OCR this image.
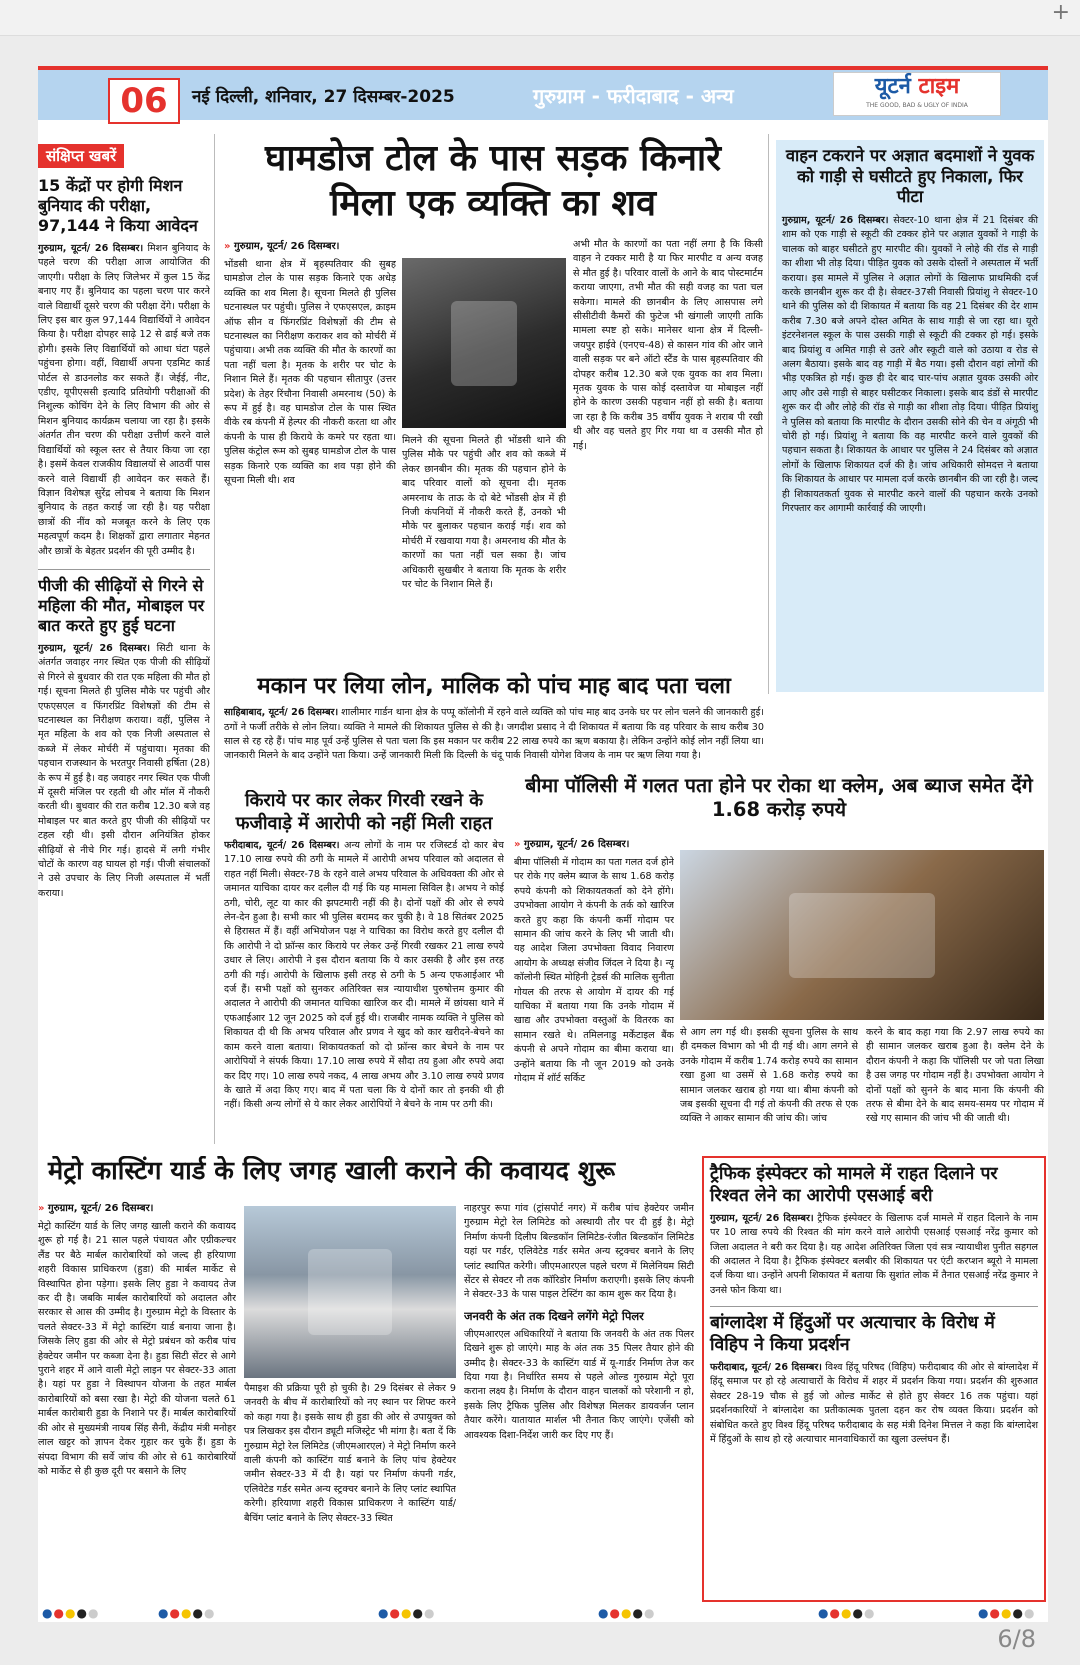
+
06	नई दिल्ली, शनिवार, 27 दिसम्बर-2025	गुरुग्राम - फरीदाबाद - अन्य	यूटर्न टाइम
THE GOOD, BAD & UGLY OF INDIA
संक्षिप्त खबरें
15 केंद्रों पर होगी मिशन बुनियाद की परीक्षा, 97,144 ने किया आवेदन

गुरुग्राम, यूटर्न/ 26 दिसम्बर। मिशन बुनियाद के पहले चरण की परीक्षा आज आयोजित की जाएगी। परीक्षा के लिए जिलेभर में कुल 15 केंद्र बनाए गए हैं। बुनियाद का पहला चरण पार करने वाले विद्यार्थी दूसरे चरण की परीक्षा देंगे। परीक्षा के लिए इस बार कुल 97,144 विद्यार्थियों ने आवेदन किया है। परीक्षा दोपहर साढ़े 12 से ढाई बजे तक होगी। इसके लिए विद्यार्थियों को आधा घंटा पहले पहुंचना होगा। वहीं, विद्यार्थी अपना एडमिट कार्ड पोर्टल से डाउनलोड कर सकते हैं। जेईई, नीट, एडीए, यूपीएससी इत्यादि प्रतियोगी परीक्षाओं की निशुल्क कोचिंग देने के लिए विभाग की ओर से मिशन बुनियाद कार्यक्रम चलाया जा रहा है। इसके अंतर्गत तीन चरण की परीक्षा उत्तीर्ण करने वाले विद्यार्थियों को स्कूल स्तर से तैयार किया जा रहा है। इसमें केवल राजकीय विद्यालयों से आठवीं पास करने वाले विद्यार्थी ही आवेदन कर सकते हैं। विज्ञान विशेषज्ञ सुरेंद्र लोचब ने बताया कि मिशन बुनियाद के तहत कराई जा रही है। यह परीक्षा छात्रों की नींव को मजबूत करने के लिए एक महत्वपूर्ण कदम है। शिक्षकों द्वारा लगातार मेहनत और छात्रों के बेहतर प्रदर्शन की पूरी उम्मीद है।

पीजी की सीढ़ियों से गिरने से महिला की मौत, मोबाइल पर बात करते हुए हुई घटना

गुरुग्राम, यूटर्न/ 26 दिसम्बर। सिटी थाना के अंतर्गत जवाहर नगर स्थित एक पीजी की सीढ़ियों से गिरने से बुधवार की रात एक महिला की मौत हो गई। सूचना मिलते ही पुलिस मौके पर पहुंची और एफएसएल व फिंगरप्रिंट विशेषज्ञों की टीम से घटनास्थल का निरीक्षण कराया। वहीं, पुलिस ने मृत महिला के शव को एक निजी अस्पताल से कब्जे में लेकर मोर्चरी में पहुंचाया। मृतका की पहचान राजस्थान के भरतपुर निवासी हर्षिता (28) के रूप में हुई है। वह जवाहर नगर स्थित एक पीजी में दूसरी मंजिल पर रहती थी और मॉल में नौकरी करती थी। बुधवार की रात करीब 12.30 बजे वह मोबाइल पर बात करते हुए पीजी की सीढ़ियों पर टहल रही थी। इसी दौरान अनियंत्रित होकर सीढ़ियों से नीचे गिर गई। हादसे में लगी गंभीर चोटों के कारण वह घायल हो गई। पीजी संचालकों ने उसे उपचार के लिए निजी अस्पताल में भर्ती कराया।

घामडोज टोल के पास सड़क किनारे मिला एक व्यक्ति का शव
» गुरुग्राम, यूटर्न/ 26 दिसम्बर।

भोंडसी थाना क्षेत्र में बृहस्पतिवार की सुबह घामडोज टोल के पास सड़क किनारे एक अधेड़ व्यक्ति का शव मिला है। सूचना मिलते ही पुलिस घटनास्थल पर पहुंची। पुलिस ने एफएसएल, क्राइम ऑफ सीन व फिंगरप्रिंट विशेषज्ञों की टीम से घटनास्थल का निरीक्षण कराकर शव को मोर्चरी में पहुंचाया। अभी तक व्यक्ति की मौत के कारणों का पता नहीं चला है। मृतक के शरीर पर चोट के निशान मिले हैं। मृतक की पहचान सीतापुर (उत्तर प्रदेश) के तेहर रिंचौना निवासी अमरनाथ (50) के रूप में हुई है। वह घामडोज टोल के पास स्थित वीके रब कंपनी में हेल्पर की नौकरी करता था और कंपनी के पास ही किराये के कमरे पर रहता था। पुलिस कंट्रोल रूम को सुबह घामडोज टोल के पास सड़क किनारे एक व्यक्ति का शव पड़ा होने की सूचना मिली थी। शव

मिलने की सूचना मिलते ही भोंडसी थाने की पुलिस मौके पर पहुंची और शव को कब्जे में लेकर छानबीन की। मृतक की पहचान होने के बाद परिवार वालों को सूचना दी। मृतक अमरनाथ के ताऊ के दो बेटे भोंडसी क्षेत्र में ही निजी कंपनियों में नौकरी करते हैं, उनको भी मौके पर बुलाकर पहचान कराई गई। शव को मोर्चरी में रखवाया गया है। अमरनाथ की मौत के कारणों का पता नहीं चल सका है। जांच अधिकारी सुखबीर ने बताया कि मृतक के शरीर पर चोट के निशान मिले हैं।

अभी मौत के कारणों का पता नहीं लगा है कि किसी वाहन ने टक्कर मारी है या फिर मारपीट व अन्य वजह से मौत हुई है। परिवार वालों के आने के बाद पोस्टमार्टम कराया जाएगा, तभी मौत की सही वजह का पता चल सकेगा। मामले की छानबीन के लिए आसपास लगे सीसीटीवी कैमरों की फुटेज भी खंगाली जाएगी ताकि मामला स्पष्ट हो सके। मानेसर थाना क्षेत्र में दिल्ली-जयपुर हाईवे (एनएच-48) से कासन गांव की ओर जाने वाली सड़क पर बने ऑटो स्टैंड के पास बृहस्पतिवार की दोपहर करीब 12.30 बजे एक युवक का शव मिला। मृतक युवक के पास कोई दस्तावेज या मोबाइल नहीं होने के कारण उसकी पहचान नहीं हो सकी है। बताया जा रहा है कि करीब 35 वर्षीय युवक ने शराब पी रखी थी और वह चलते हुए गिर गया था व उसकी मौत हो गई।

वाहन टकराने पर अज्ञात बदमाशों ने युवक को गाड़ी से घसीटते हुए निकाला, फिर पीटा

गुरुग्राम, यूटर्न/ 26 दिसम्बर। सेक्टर-10 थाना क्षेत्र में 21 दिसंबर की शाम को एक गाड़ी से स्कूटी की टक्कर होने पर अज्ञात युवकों ने गाड़ी के चालक को बाहर घसीटते हुए मारपीट की। युवकों ने लोहे की रॉड से गाड़ी का शीशा भी तोड़ दिया। पीड़ित युवक को उसके दोस्तों ने अस्पताल में भर्ती कराया। इस मामले में पुलिस ने अज्ञात लोगों के खिलाफ प्राथमिकी दर्ज करके छानबीन शुरू कर दी है। सेक्टर-37सी निवासी प्रियांशु ने सेक्टर-10 थाने की पुलिस को दी शिकायत में बताया कि वह 21 दिसंबर की देर शाम करीब 7.30 बजे अपने दोस्त अमित के साथ गाड़ी से जा रहा था। यूरो इंटरनेशनल स्कूल के पास उसकी गाड़ी से स्कूटी की टक्कर हो गई। इसके बाद प्रियांशु व अमित गाड़ी से उतरे और स्कूटी वाले को उठाया व रोड से अलग बैठाया। इसके बाद वह गाड़ी में बैठ गया। इसी दौरान वहां लोगों की भीड़ एकत्रित हो गई। कुछ ही देर बाद चार-पांच अज्ञात युवक उसकी ओर आए और उसे गाड़ी से बाहर घसीटकर निकाला। इसके बाद डंडों से मारपीट शुरू कर दी और लोहे की रॉड से गाड़ी का शीशा तोड़ दिया। पीड़ित प्रियांशु ने पुलिस को बताया कि मारपीट के दौरान उसकी सोने की चेन व अंगूठी भी चोरी हो गई। प्रियांशु ने बताया कि वह मारपीट करने वाले युवकों की पहचान सकता है। शिकायत के आधार पर पुलिस ने 24 दिसंबर को अज्ञात लोगों के खिलाफ शिकायत दर्ज की है। जांच अधिकारी सोमदत्त ने बताया कि शिकायत के आधार पर मामला दर्ज करके छानबीन की जा रही है। जल्द ही शिकायतकर्ता युवक से मारपीट करने वालों की पहचान करके उनको गिरफ्तार कर आगामी कार्रवाई की जाएगी।

मकान पर लिया लोन, मालिक को पांच माह बाद पता चला

साहिबाबाद, यूटर्न/ 26 दिसम्बर। शालीमार गार्डन थाना क्षेत्र के पप्पू कॉलोनी में रहने वाले व्यक्ति को पांच माह बाद उनके घर पर लोन चलने की जानकारी हुई। ठगों ने फर्जी तरीके से लोन लिया। व्यक्ति ने मामले की शिकायत पुलिस से की है। जगदीश प्रसाद ने दी शिकायत में बताया कि वह परिवार के साथ करीब 30 साल से रह रहे हैं। पांच माह पूर्व उन्हें पुलिस से पता चला कि इस मकान पर करीब 22 लाख रुपये का ऋण बकाया है। लेकिन उन्होंने कोई लोन नहीं लिया था। जानकारी मिलने के बाद उन्होंने पता किया। उन्हें जानकारी मिली कि दिल्ली के चंदू पार्क निवासी योगेश विजय के नाम पर ऋण लिया गया है।

किराये पर कार लेकर गिरवी रखने के फजीवाड़े में आरोपी को नहीं मिली राहत

फरीदाबाद, यूटर्न/ 26 दिसम्बर। अन्य लोगों के नाम पर रजिस्टर्ड दो कार बेच 17.10 लाख रुपये की ठगी के मामले में आरोपी अभय परिवाल को अदालत से राहत नहीं मिली। सेक्टर-78 के रहने वाले अभय परिवाल के अधिवक्ता की ओर से जमानत याचिका दायर कर दलील दी गई कि यह मामला सिविल है। अभय ने कोई ठगी, चोरी, लूट या कार की झपटमारी नहीं की है। दोनों पक्षों की ओर से रुपये लेन-देन हुआ है। सभी कार भी पुलिस बरामद कर चुकी है। वे 18 सितंबर 2025 से हिरासत में हैं। वहीं अभियोजन पक्ष ने याचिका का विरोध करते हुए दलील दी कि आरोपी ने दो फ्रॉन्स कार किराये पर लेकर उन्हें गिरवी रखकर 21 लाख रुपये उधार ले लिए। आरोपी ने इस दौरान बताया कि ये कार उसकी है और इस तरह ठगी की गई। आरोपी के खिलाफ इसी तरह से ठगी के 5 अन्य एफआईआर भी दर्ज हैं। सभी पक्षों को सुनकर अतिरिक्त सत्र न्यायाधीश पुरुषोत्तम कुमार की अदालत ने आरोपी की जमानत याचिका खारिज कर दी। मामले में छांयसा थाने में एफआईआर 12 जून 2025 को दर्ज हुई थी। राजबीर नामक व्यक्ति ने पुलिस को शिकायत दी थी कि अभय परिवाल और प्रणव ने खुद को कार खरीदने-बेचने का काम करने वाला बताया। शिकायतकर्ता को दो फ्रॉन्स कार बेचने के नाम पर आरोपियों ने संपर्क किया। 17.10 लाख रुपये में सौदा तय हुआ और रुपये अदा कर दिए गए। 10 लाख रुपये नकद, 4 लाख अभय और 3.10 लाख रुपये प्रणव के खाते में अदा किए गए। बाद में पता चला कि ये दोनों कार तो इनकी थी ही नहीं। किसी अन्य लोगों से ये कार लेकर आरोपियों ने बेचने के नाम पर ठगी की।

बीमा पॉलिसी में गलत पता होने पर रोका था क्लेम, अब ब्याज समेत देंगे 1.68 करोड़ रुपये
» गुरुग्राम, यूटर्न/ 26 दिसम्बर।

बीमा पॉलिसी में गोदाम का पता गलत दर्ज होने पर रोके गए क्लेम ब्याज के साथ 1.68 करोड़ रुपये कंपनी को शिकायतकर्ता को देने होंगे। उपभोक्ता आयोग ने कंपनी के तर्क को खारिज करते हुए कहा कि कंपनी कर्मी गोदाम पर सामान की जांच करने के लिए भी जाती थी। यह आदेश जिला उपभोक्ता विवाद निवारण आयोग के अध्यक्ष संजीव जिंदल ने दिया है। न्यू कॉलोनी स्थित मोहिनी ट्रेडर्स की मालिक सुनीता गोयल की तरफ से आयोग में दायर की गई याचिका में बताया गया कि उनके गोदाम में खाद्य और उपभोक्ता वस्तुओं के वितरक का सामान रखते थे। तमिलनाडु मर्केंटाइल बैंक कंपनी से अपने गोदाम का बीमा कराया था। उन्होंने बताया कि नौ जून 2019 को उनके गोदाम में शॉर्ट सर्किट

से आग लग गई थी। इसकी सूचना पुलिस के साथ ही दमकल विभाग को भी दी गई थी। आग लगने से उनके गोदाम में करीब 1.74 करोड़ रुपये का सामान रखा हुआ था उसमें से 1.68 करोड़ रुपये का सामान जलकर खराब हो गया था। बीमा कंपनी को जब इसकी सूचना दी गई तो कंपनी की तरफ से एक व्यक्ति ने आकर सामान की जांच की। जांच

करने के बाद कहा गया कि 2.97 लाख रुपये का ही सामान जलकर खराब हुआ है। क्लेम देने के दौरान कंपनी ने कहा कि पॉलिसी पर जो पता लिखा है उस जगह पर गोदाम नहीं है। उपभोक्ता आयोग ने दोनों पक्षों को सुनने के बाद माना कि कंपनी की तरफ से बीमा देने के बाद समय-समय पर गोदाम में रखे गए सामान की जांच भी की जाती थी।

मेट्रो कास्टिंग यार्ड के लिए जगह खाली कराने की कवायद शुरू
» गुरुग्राम, यूटर्न/ 26 दिसम्बर।

मेट्रो कास्टिंग यार्ड के लिए जगह खाली कराने की कवायद शुरू हो गई है। 21 साल पहले पंचायत और एग्रीकल्चर लैंड पर बैठे मार्बल कारोबारियों को जल्द ही हरियाणा शहरी विकास प्राधिकरण (हुडा) की मार्बल मार्केट से विस्थापित होना पड़ेगा। इसके लिए हुडा ने कवायद तेज कर दी है। जबकि मार्बल कारोबारियों को अदालत और सरकार से आस की उम्मीद है। गुरुग्राम मेट्रो के विस्तार के चलते सेक्टर-33 में मेट्रो कास्टिंग यार्ड बनाया जाना है। जिसके लिए हुडा की ओर से मेट्रो प्रबंधन को करीब पांच हेक्टेयर जमीन पर कब्जा देना है। हुडा सिटी सेंटर से आगे पुराने शहर में आने वाली मेट्रो लाइन पर सेक्टर-33 आता है। यहां पर हुडा ने विस्थापन योजना के तहत मार्बल कारोबारियों को बसा रखा है। मेट्रो की योजना चलते 61 मार्बल कारोबारी हुडा के निशाने पर हैं। मार्बल कारोबारियों की ओर से मुख्यमंत्री नायब सिंह सैनी, केंद्रीय मंत्री मनोहर लाल खट्टर को ज्ञापन देकर गुहार कर चुके हैं। हुडा के संपदा विभाग की सर्वे जांच की ओर से 61 कारोबारियों को मार्केट से ही कुछ दूरी पर बसाने के लिए

पैमाइश की प्रक्रिया पूरी हो चुकी है। 29 दिसंबर से लेकर 9 जनवरी के बीच में कारोबारियों को नए स्थान पर शिफ्ट करने को कहा गया है। इसके साथ ही हुडा की ओर से उपायुक्त को पत्र लिखकर इस दौरान ड्यूटी मजिस्ट्रेट भी मांगा है। बता दें कि गुरुग्राम मेट्रो रेल लिमिटेड (जीएमआरएल) ने मेट्रो निर्माण करने वाली कंपनी को कास्टिंग यार्ड बनाने के लिए पांच हेक्टेयर जमीन सेक्टर-33 में दी है। यहां पर निर्माण कंपनी गर्डर, एलिवेटेड गर्डर समेत अन्य स्ट्रक्चर बनाने के लिए प्लांट स्थापित करेगी। हरियाणा शहरी विकास प्राधिकरण ने कास्टिंग यार्ड/ बैचिंग प्लांट बनाने के लिए सेक्टर-33 स्थित

नाहरपुर रूपा गांव (ट्रांसपोर्ट नगर) में करीब पांच हेक्टेयर जमीन गुरुग्राम मेट्रो रेल लिमिटेड को अस्थायी तौर पर दी हुई है। मेट्रो निर्माण कंपनी दिलीप बिल्डकॉन लिमिटेड-रंजीत बिल्डकॉन लिमिटेड यहां पर गर्डर, एलिवेटेड गर्डर समेत अन्य स्ट्रक्चर बनाने के लिए प्लांट स्थापित करेगी। जीएमआरएल पहले चरण में मिलेनियम सिटी सेंटर से सेक्टर नौ तक कॉरिडोर निर्माण कराएगी। इसके लिए कंपनी ने सेक्टर-33 के पास पाइल टेस्टिंग का काम शुरू कर दिया है।

जनवरी के अंत तक दिखने लगेंगे मेट्रो पिलर

जीएमआरएल अधिकारियों ने बताया कि जनवरी के अंत तक पिलर दिखने शुरू हो जाएंगे। माह के अंत तक 35 पिलर तैयार होने की उम्मीद है। सेक्टर-33 के कास्टिंग यार्ड में यू-गार्डर निर्माण तेज कर दिया गया है। निर्धारित समय से पहले ओल्ड गुरुग्राम मेट्रो पूरा कराना लक्ष्य है। निर्माण के दौरान वाहन चालकों को परेशानी न हो, इसके लिए ट्रैफिक पुलिस और विशेषज्ञ मिलकर डायवर्जन प्लान तैयार करेंगे। यातायात मार्शल भी तैनात किए जाएंगे। एजेंसी को आवश्यक दिशा-निर्देश जारी कर दिए गए हैं।

ट्रैफिक इंस्पेक्टर को मामले में राहत दिलाने पर रिश्वत लेने का आरोपी एसआई बरी

गुरुग्राम, यूटर्न/ 26 दिसम्बर। ट्रैफिक इंस्पेक्टर के खिलाफ दर्ज मामले में राहत दिलाने के नाम पर 10 लाख रुपये की रिश्वत की मांग करने वाले आरोपी एसआई एसआई नरेंद्र कुमार को जिला अदालत ने बरी कर दिया है। यह आदेश अतिरिक्त जिला एवं सत्र न्यायाधीश पुनीत सहगल की अदालत ने दिया है। ट्रैफिक इंस्पेक्टर बलबीर की शिकायत पर एंटी करप्शन ब्यूरो ने मामला दर्ज किया था। उन्होंने अपनी शिकायत में बताया कि सुशांत लोक में तैनात एसआई नरेंद्र कुमार ने उनसे फोन किया था।

बांग्लादेश में हिंदुओं पर अत्याचार के विरोध में विहिप ने किया प्रदर्शन

फरीदाबाद, यूटर्न/ 26 दिसम्बर। विश्व हिंदू परिषद (विहिप) फरीदाबाद की ओर से बांग्लादेश में हिंदू समाज पर हो रहे अत्याचारों के विरोध में शहर में प्रदर्शन किया गया। प्रदर्शन की शुरुआत सेक्टर 28-19 चौक से हुई जो ओल्ड मार्केट से होते हुए सेक्टर 16 तक पहुंचा। यहां प्रदर्शनकारियों ने बांग्लादेश का प्रतीकात्मक पुतला दहन कर रोष व्यक्त किया। प्रदर्शन को संबोधित करते हुए विश्व हिंदू परिषद फरीदाबाद के सह मंत्री दिनेश मित्तल ने कहा कि बांग्लादेश में हिंदुओं के साथ हो रहे अत्याचार मानवाधिकारों का खुला उल्लंघन हैं।

●●●●●	●●●●●	●●●●●	●●●●●	●●●●●	●●●●●
6/8
